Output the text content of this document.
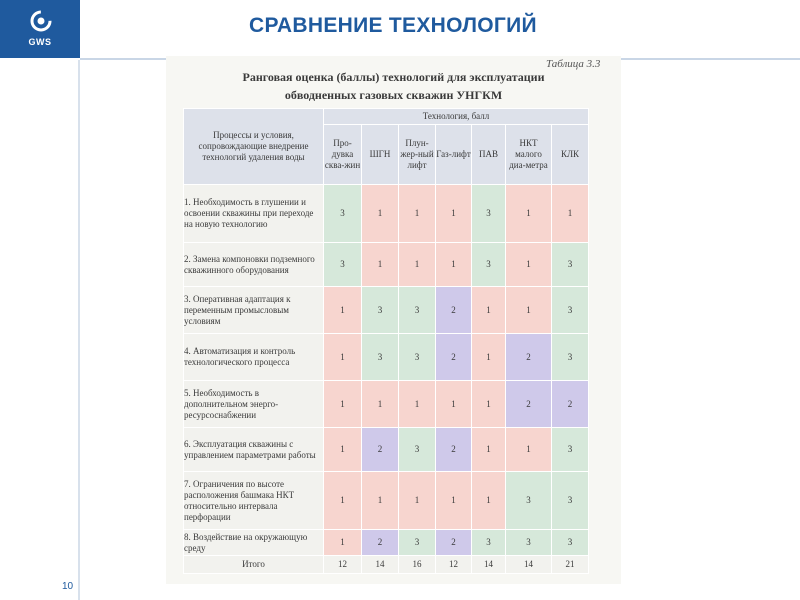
GWS
СРАВНЕНИЕ ТЕХНОЛОГИЙ
10
Таблица 3.3
Ранговая оценка (баллы) технологий для эксплуатации
обводненных газовых скважин УНГКМ
Процессы и условия, сопровождающие внедрение технологий удаления воды	Технология, балл						
	Про-дувка сква-жин	ШГН	Плун-жер-ный лифт	Газ-лифт	ПАВ	НКТ малого диа-метра	КЛК
1. Необходимость в глушении и освоении скважины при переходе на новую технологию	3	1	1	1	3	1	1
2. Замена компоновки подземного скважинного оборудования	3	1	1	1	3	1	3
3. Оперативная адаптация к переменным промысловым условиям	1	3	3	2	1	1	3
4. Автоматизация и контроль технологического процесса	1	3	3	2	1	2	3
5. Необходимость в дополнительном энерго-ресурсоснабжении	1	1	1	1	1	2	2
6. Эксплуатация скважины с управлением параметрами работы	1	2	3	2	1	1	3
7. Ограничения по высоте расположения башмака НКТ относительно интервала перфорации	1	1	1	1	1	3	3
8. Воздействие на окружающую среду	1	2	3	2	3	3	3
Итого	12	14	16	12	14	14	21
